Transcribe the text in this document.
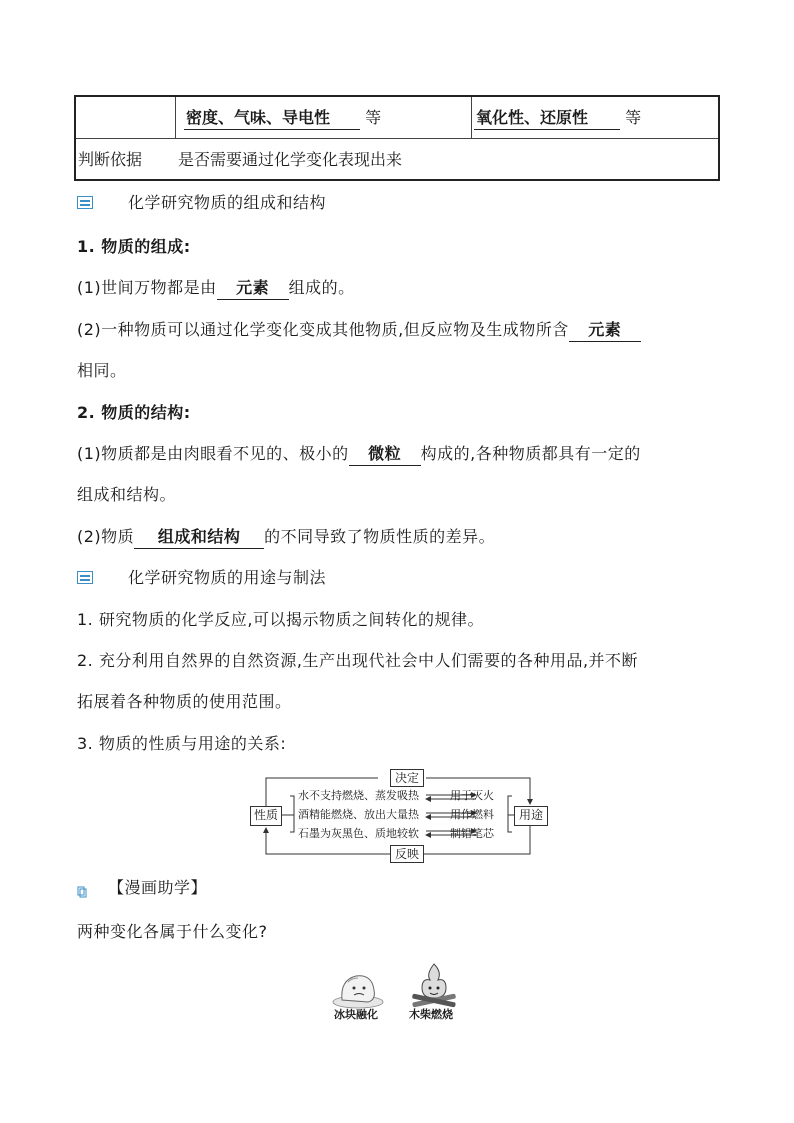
密度、气味、导电性 等	氧化性、还原性 等
判断依据 是否需要通过化学变化表现出来
化学研究物质的组成和结构
1. 物质的组成:
(1)世间万物都是由 元素 组成的。
(2)一种物质可以通过化学变化变成其他物质,但反应物及生成物所含 元素
相同。
2. 物质的结构:
(1)物质都是由肉眼看不见的、极小的 微粒 构成的,各种物质都具有一定的
组成和结构。
(2)物质 组成和结构 的不同导致了物质性质的差异。
化学研究物质的用途与制法
1. 研究物质的化学反应,可以揭示物质之间转化的规律。
2. 充分利用自然界的自然资源,生产出现代社会中人们需要的各种用品,并不断
拓展着各种物质的使用范围。
3. 物质的性质与用途的关系:
性质	用途
决定
反映
水不支持燃烧、蒸发吸热
酒精能燃烧、放出大量热
石墨为灰黑色、质地较软
用于灭火
用作燃料
制铅笔芯
【漫画助学】
两种变化各属于什么变化?
冰块融化	木柴燃烧
